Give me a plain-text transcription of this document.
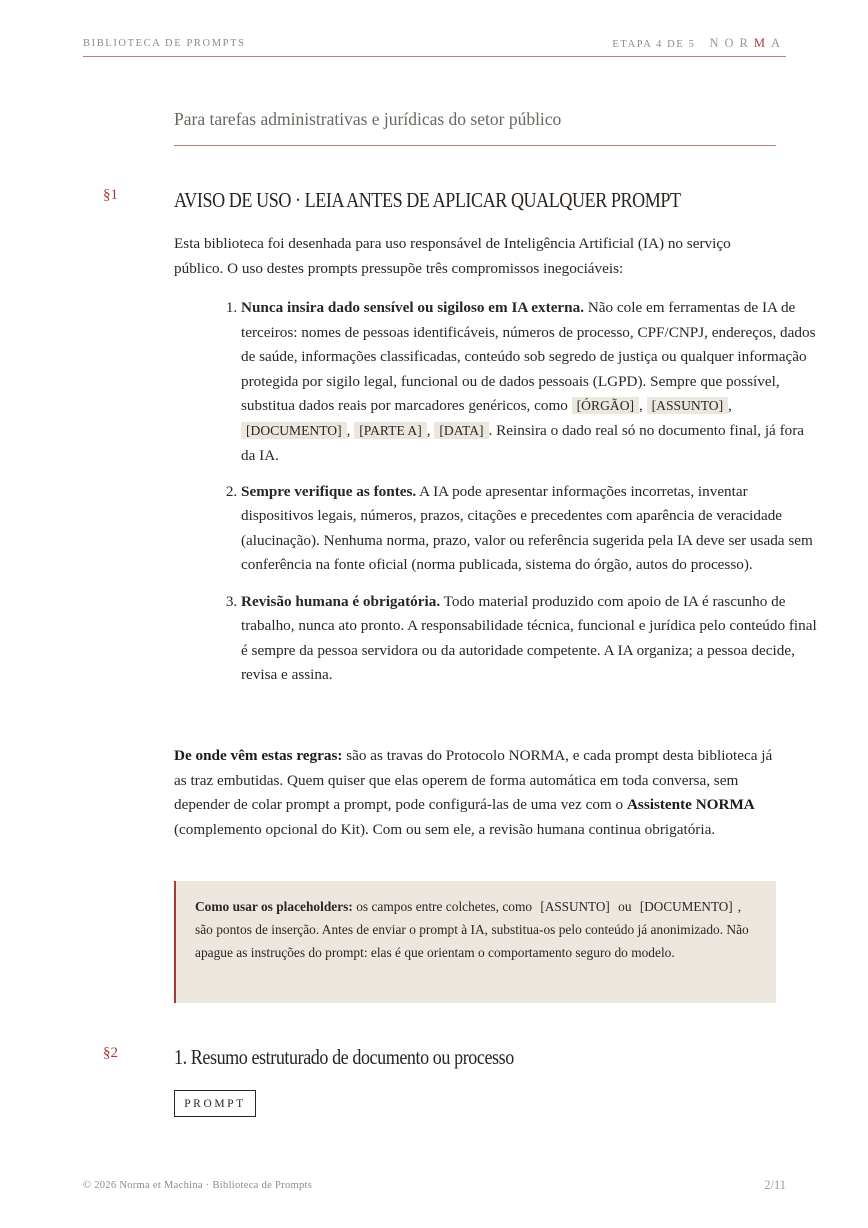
BIBLIOTECA DE PROMPTS	ETAPA 4 DE 5 NORMA
Para tarefas administrativas e jurídicas do setor público
§1	AVISO DE USO · LEIA ANTES DE APLICAR QUALQUER PROMPT
Esta biblioteca foi desenhada para uso responsável de Inteligência Artificial (IA) no serviço público. O uso destes prompts pressupõe três compromissos inegociáveis:
1. Nunca insira dado sensível ou sigiloso em IA externa. Não cole em ferramentas de IA de terceiros: nomes de pessoas identificáveis, números de processo, CPF/CNPJ, endereços, dados de saúde, informações classificadas, conteúdo sob segredo de justiça ou qualquer informação protegida por sigilo legal, funcional ou de dados pessoais (LGPD). Sempre que possível, substitua dados reais por marcadores genéricos, como [ÓRGÃO] , [ASSUNTO] , [DOCUMENTO] , [PARTE A] , [DATA] . Reinsira o dado real só no documento final, já fora da IA.
2. Sempre verifique as fontes. A IA pode apresentar informações incorretas, inventar dispositivos legais, números, prazos, citações e precedentes com aparência de veracidade (alucinação). Nenhuma norma, prazo, valor ou referência sugerida pela IA deve ser usada sem conferência na fonte oficial (norma publicada, sistema do órgão, autos do processo).
3. Revisão humana é obrigatória. Todo material produzido com apoio de IA é rascunho de trabalho, nunca ato pronto. A responsabilidade técnica, funcional e jurídica pelo conteúdo final é sempre da pessoa servidora ou da autoridade competente. A IA organiza; a pessoa decide, revisa e assina.
De onde vêm estas regras: são as travas do Protocolo NORMA, e cada prompt desta biblioteca já as traz embutidas. Quem quiser que elas operem de forma automática em toda conversa, sem depender de colar prompt a prompt, pode configurá-las de uma vez com o Assistente NORMA (complemento opcional do Kit). Com ou sem ele, a revisão humana continua obrigatória.
Como usar os placeholders: os campos entre colchetes, como [ASSUNTO] ou [DOCUMENTO] , são pontos de inserção. Antes de enviar o prompt à IA, substitua-os pelo conteúdo já anonimizado. Não apague as instruções do prompt: elas é que orientam o comportamento seguro do modelo.
§2	1. Resumo estruturado de documento ou processo
PROMPT
© 2026 Norma et Machina · Biblioteca de Prompts	2/11
